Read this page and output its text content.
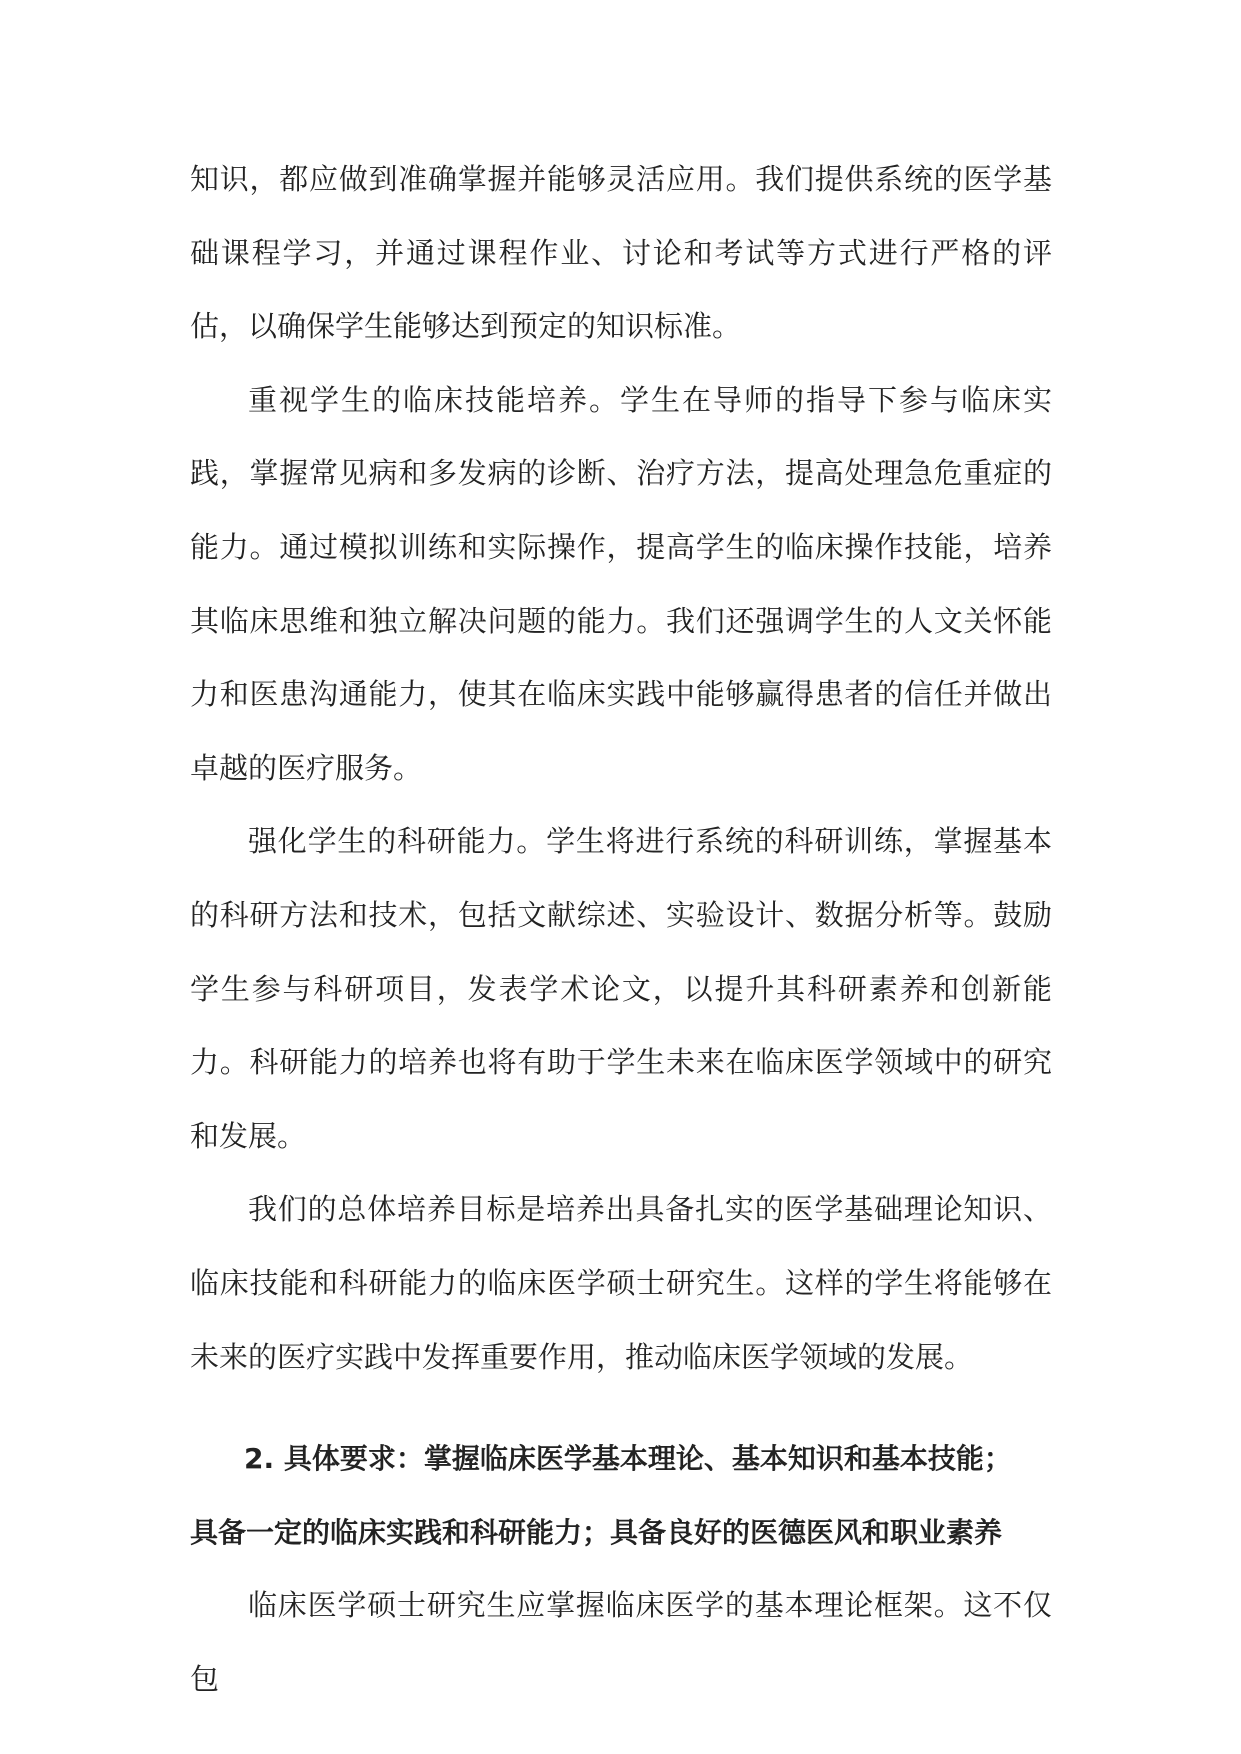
知识，都应做到准确掌握并能够灵活应用。我们提供系统的医学基础课程学习，并通过课程作业、讨论和考试等方式进行严格的评估，以确保学生能够达到预定的知识标准。

重视学生的临床技能培养。学生在导师的指导下参与临床实践，掌握常见病和多发病的诊断、治疗方法，提高处理急危重症的能力。通过模拟训练和实际操作，提高学生的临床操作技能，培养其临床思维和独立解决问题的能力。我们还强调学生的人文关怀能力和医患沟通能力，使其在临床实践中能够赢得患者的信任并做出卓越的医疗服务。

强化学生的科研能力。学生将进行系统的科研训练，掌握基本的科研方法和技术，包括文献综述、实验设计、数据分析等。鼓励学生参与科研项目，发表学术论文，以提升其科研素养和创新能力。科研能力的培养也将有助于学生未来在临床医学领域中的研究和发展。

我们的总体培养目标是培养出具备扎实的医学基础理论知识、临床技能和科研能力的临床医学硕士研究生。这样的学生将能够在未来的医疗实践中发挥重要作用，推动临床医学领域的发展。

2. 具体要求：掌握临床医学基本理论、基本知识和基本技能；
具备一定的临床实践和科研能力；具备良好的医德医风和职业素养

临床医学硕士研究生应掌握临床医学的基本理论框架。这不仅包
